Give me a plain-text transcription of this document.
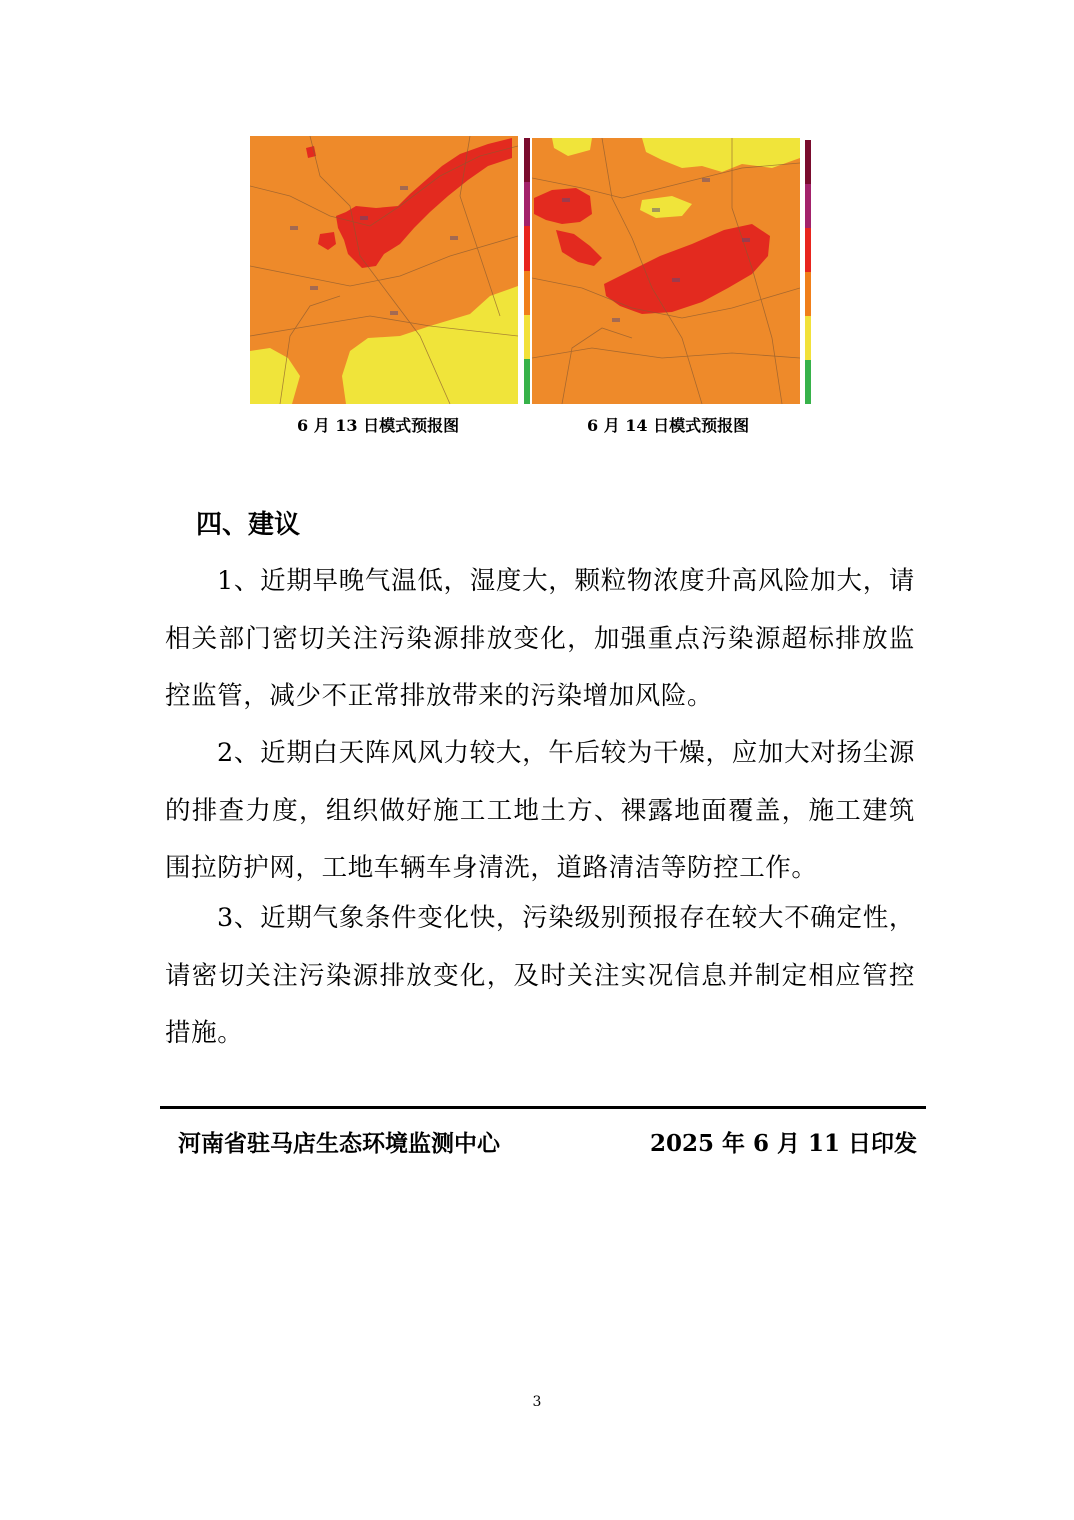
6 月 13 日模式预报图	6 月 14 日模式预报图
四、建议
1、近期早晚气温低，湿度大，颗粒物浓度升高风险加大，请相关部门密切关注污染源排放变化，加强重点污染源超标排放监控监管，减少不正常排放带来的污染增加风险。
2、近期白天阵风风力较大，午后较为干燥，应加大对扬尘源的排查力度，组织做好施工工地土方、裸露地面覆盖，施工建筑围拉防护网，工地车辆车身清洗，道路清洁等防控工作。
3、近期气象条件变化快，污染级别预报存在较大不确定性，请密切关注污染源排放变化，及时关注实况信息并制定相应管控措施。
河南省驻马店生态环境监测中心	2025 年 6 月 11 日印发
3
